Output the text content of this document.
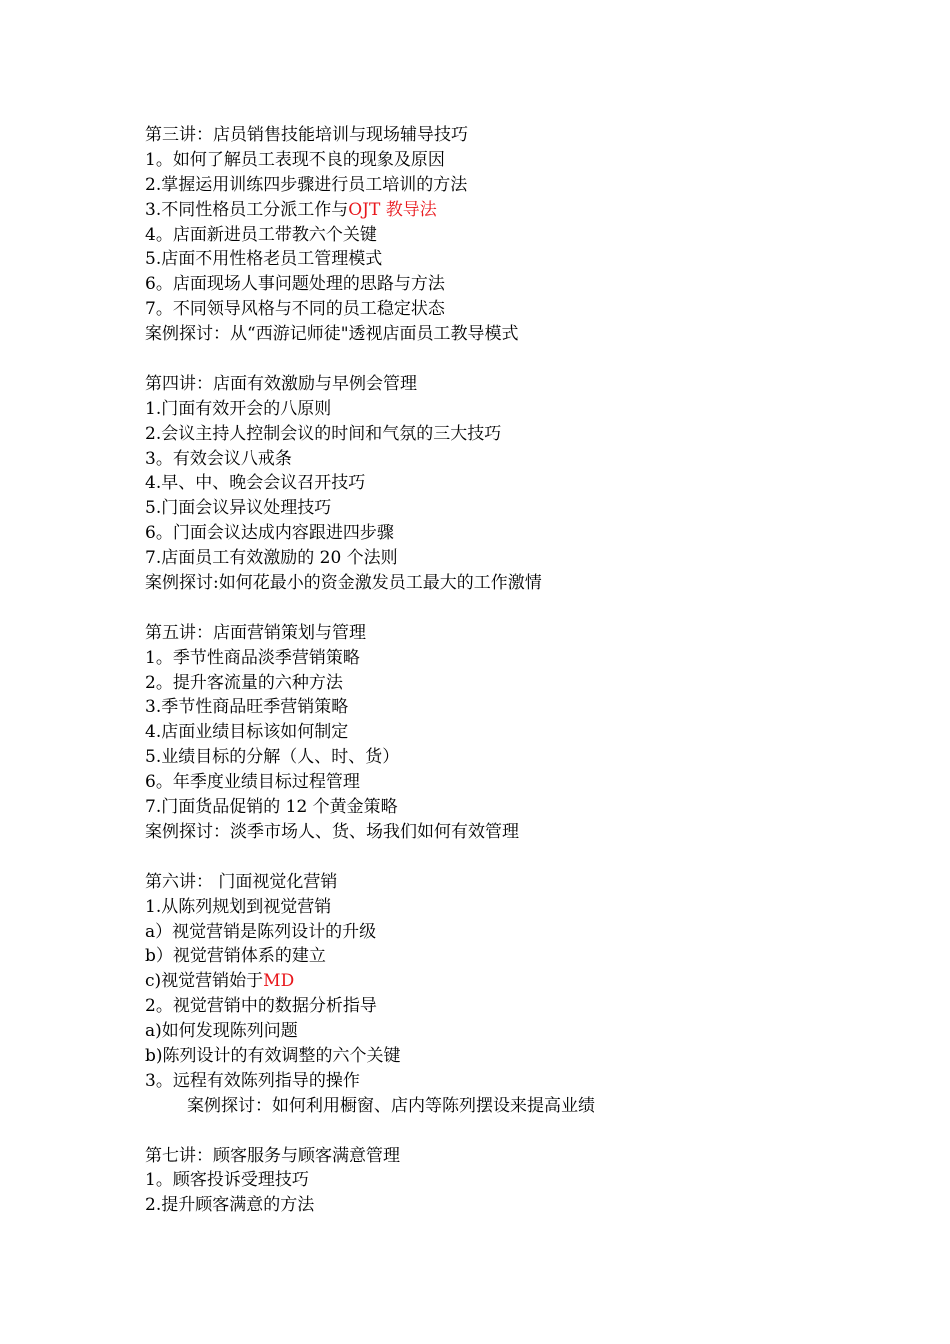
第三讲：店员销售技能培训与现场辅导技巧
1。如何了解员工表现不良的现象及原因
2.掌握运用训练四步骤进行员工培训的方法
3.不同性格员工分派工作与OJT 教导法
4。店面新进员工带教六个关键
5.店面不用性格老员工管理模式
6。店面现场人事问题处理的思路与方法
7。不同领导风格与不同的员工稳定状态
案例探讨：从“西游记师徒"透视店面员工教导模式
第四讲：店面有效激励与早例会管理
1.门面有效开会的八原则
2.会议主持人控制会议的时间和气氛的三大技巧
3。有效会议八戒条
4.早、中、晚会会议召开技巧
5.门面会议异议处理技巧
6。门面会议达成内容跟进四步骤
7.店面员工有效激励的 20 个法则
案例探讨:如何花最小的资金激发员工最大的工作激情
第五讲：店面营销策划与管理
1。季节性商品淡季营销策略
2。提升客流量的六种方法
3.季节性商品旺季营销策略
4.店面业绩目标该如何制定
5.业绩目标的分解（人、时、货）
6。年季度业绩目标过程管理
7.门面货品促销的 12 个黄金策略
案例探讨：淡季市场人、货、场我们如何有效管理
第六讲： 门面视觉化营销
1.从陈列规划到视觉营销
a）视觉营销是陈列设计的升级
b）视觉营销体系的建立
c)视觉营销始于MD
2。视觉营销中的数据分析指导
a)如何发现陈列问题
b)陈列设计的有效调整的六个关键
3。远程有效陈列指导的操作
案例探讨：如何利用橱窗、店内等陈列摆设来提高业绩
第七讲：顾客服务与顾客满意管理
1。顾客投诉受理技巧
2.提升顾客满意的方法
